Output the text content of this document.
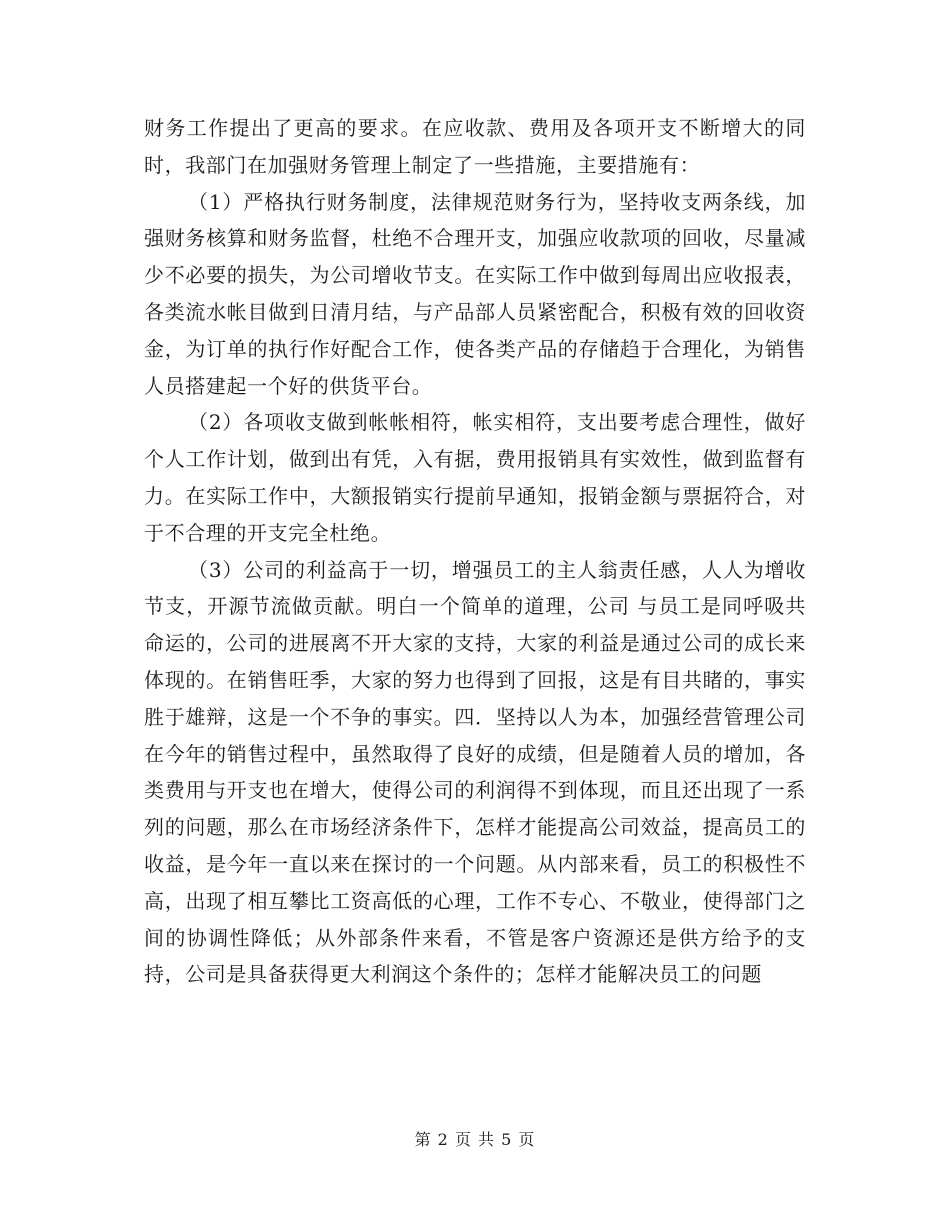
财务工作提出了更高的要求。在应收款、费用及各项开支不断增大的同时，我部门在加强财务管理上制定了一些措施，主要措施有：

（1）严格执行财务制度，法律规范财务行为，坚持收支两条线，加强财务核算和财务监督，杜绝不合理开支，加强应收款项的回收，尽量减少不必要的损失，为公司增收节支。在实际工作中做到每周出应收报表，各类流水帐目做到日清月结，与产品部人员紧密配合，积极有效的回收资金，为订单的执行作好配合工作，使各类产品的存储趋于合理化，为销售人员搭建起一个好的供货平台。

（2）各项收支做到帐帐相符，帐实相符，支出要考虑合理性，做好个人工作计划，做到出有凭，入有据，费用报销具有实效性，做到监督有力。在实际工作中，大额报销实行提前早通知，报销金额与票据符合，对于不合理的开支完全杜绝。

（3）公司的利益高于一切，增强员工的主人翁责任感，人人为增收节支，开源节流做贡献。明白一个简单的道理，公司 与员工是同呼吸共命运的，公司的进展离不开大家的支持，大家的利益是通过公司的成长来体现的。在销售旺季，大家的努力也得到了回报，这是有目共睹的，事实胜于雄辩，这是一个不争的事实。四．坚持以人为本，加强经营管理公司在今年的销售过程中，虽然取得了良好的成绩，但是随着人员的增加，各类费用与开支也在增大，使得公司的利润得不到体现，而且还出现了一系列的问题，那么在市场经济条件下，怎样才能提高公司效益，提高员工的收益，是今年一直以来在探讨的一个问题。从内部来看，员工的积极性不高，出现了相互攀比工资高低的心理，工作不专心、不敬业，使得部门之间的协调性降低；从外部条件来看，不管是客户资源还是供方给予的支持，公司是具备获得更大利润这个条件的；怎样才能解决员工的问题

第 2 页 共 5 页
